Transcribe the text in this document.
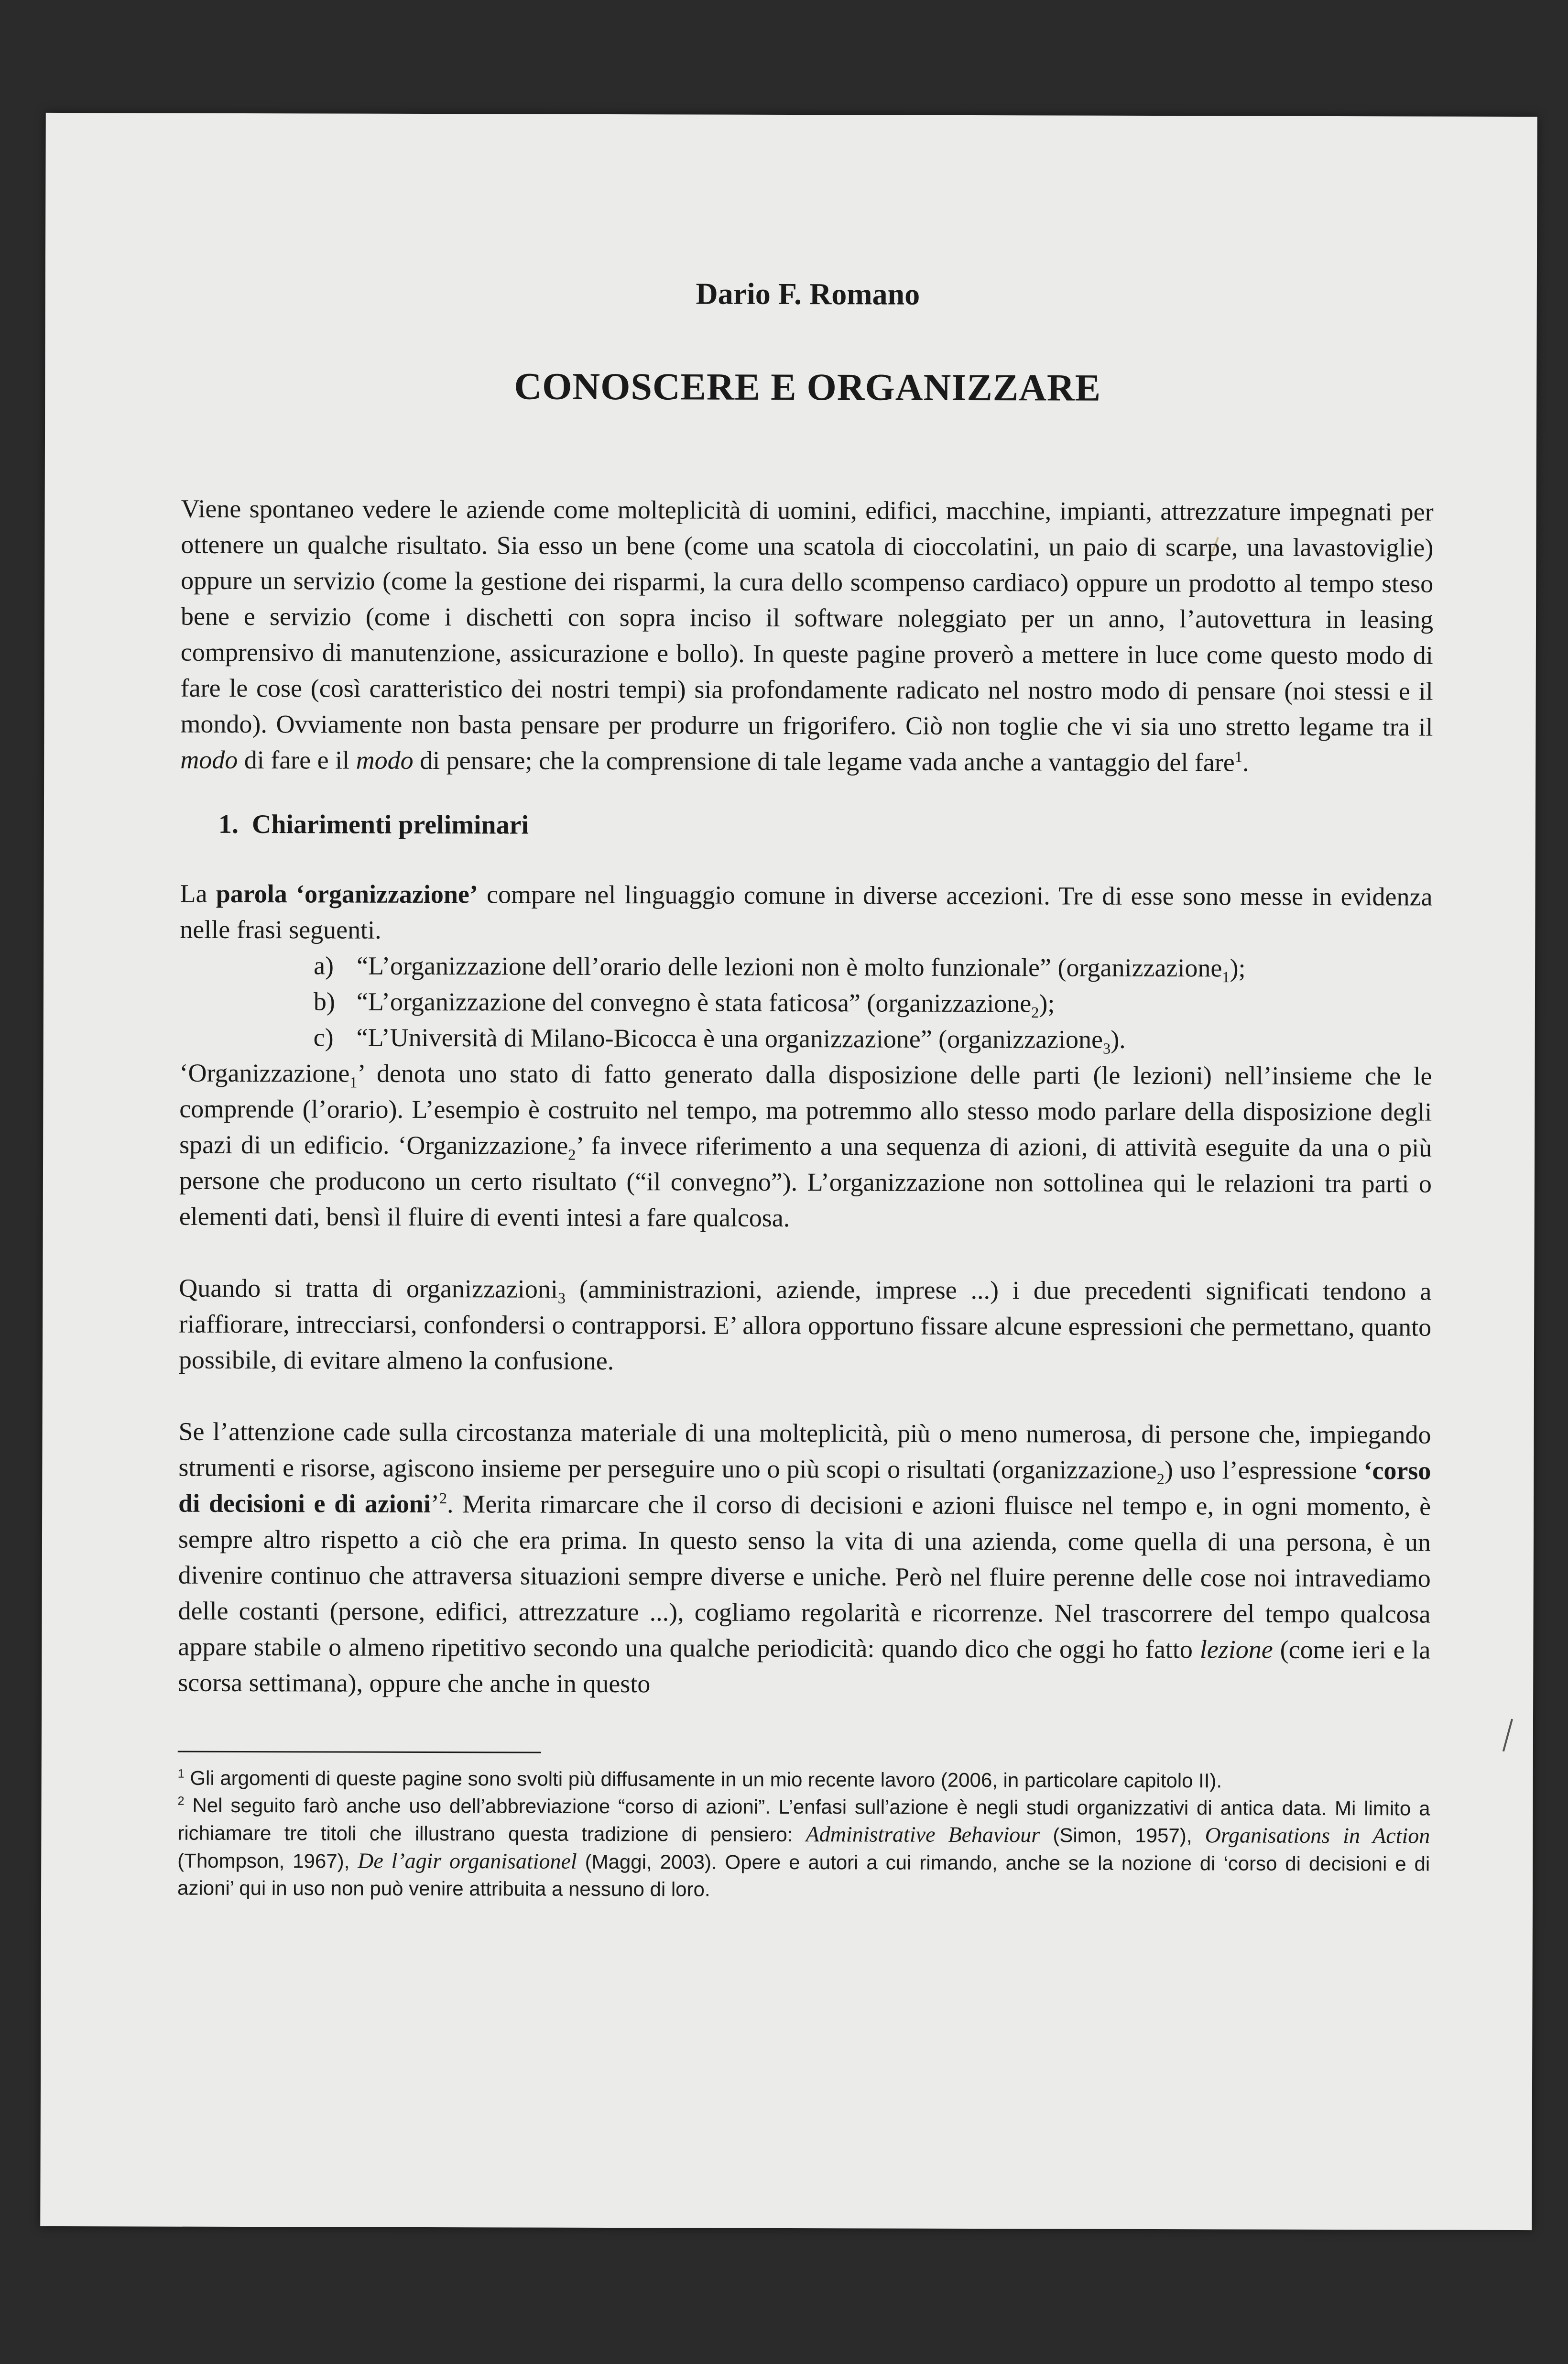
Dario F. Romano
CONOSCERE E ORGANIZZARE

Viene spontaneo vedere le aziende come molteplicità di uomini, edifici, macchine, impianti, attrezzature impegnati per ottenere un qualche risultato. Sia esso un bene (come una scatola di cioccolatini, un paio di scarpe, una lavastoviglie) oppure un servizio (come la gestione dei risparmi, la cura dello scompenso cardiaco) oppure un prodotto al tempo steso bene e servizio (come i dischetti con sopra inciso il software noleggiato per un anno, l’autovettura in leasing comprensivo di manutenzione, assicurazione e bollo). In queste pagine proverò a mettere in luce come questo modo di fare le cose (così caratteristico dei nostri tempi) sia profondamente radicato nel nostro modo di pensare (noi stessi e il mondo). Ovviamente non basta pensare per produrre un frigorifero. Ciò non toglie che vi sia uno stretto legame tra il modo di fare e il modo di pensare; che la comprensione di tale legame vada anche a vantaggio del fare$^1$.

1. Chiarimenti preliminari

La parola ‘organizzazione’ compare nel linguaggio comune in diverse accezioni. Tre di esse sono messe in evidenza nelle frasi seguenti.

a) “L’organizzazione dell’orario delle lezioni non è molto funzionale” (organizzazione$_1$);
b) “L’organizzazione del convegno è stata faticosa” (organizzazione$_2$);
c) “L’Università di Milano-Bicocca è una organizzazione” (organizzazione$_3$).

‘Organizzazione$_1$’ denota uno stato di fatto generato dalla disposizione delle parti (le lezioni) nell’insieme che le comprende (l’orario). L’esempio è costruito nel tempo, ma potremmo allo stesso modo parlare della disposizione degli spazi di un edificio. ‘Organizzazione$_2$’ fa invece riferimento a una sequenza di azioni, di attività eseguite da una o più persone che producono un certo risultato (“il convegno”). L’organizzazione non sottolinea qui le relazioni tra parti o elementi dati, bensì il fluire di eventi intesi a fare qualcosa.

Quando si tratta di organizzazioni$_3$ (amministrazioni, aziende, imprese ...) i due precedenti significati tendono a riaffiorare, intrecciarsi, confondersi o contrapporsi. E’ allora opportuno fissare alcune espressioni che permettano, quanto possibile, di evitare almeno la confusione.

Se l’attenzione cade sulla circostanza materiale di una molteplicità, più o meno numerosa, di persone che, impiegando strumenti e risorse, agiscono insieme per perseguire uno o più scopi o risultati (organizzazione$_2$) uso l’espressione ‘corso di decisioni e di azioni’$^2$. Merita rimarcare che il corso di decisioni e azioni fluisce nel tempo e, in ogni momento, è sempre altro rispetto a ciò che era prima. In questo senso la vita di una azienda, come quella di una persona, è un divenire continuo che attraversa situazioni sempre diverse e uniche. Però nel fluire perenne delle cose noi intravediamo delle costanti (persone, edifici, attrezzature ...), cogliamo regolarità e ricorrenze. Nel trascorrere del tempo qualcosa appare stabile o almeno ripetitivo secondo una qualche periodicità: quando dico che oggi ho fatto lezione (come ieri e la scorsa settimana), oppure che anche in questo

$^1$ Gli argomenti di queste pagine sono svolti più diffusamente in un mio recente lavoro (2006, in particolare capitolo II).

$^2$ Nel seguito farò anche uso dell’abbreviazione “corso di azioni”. L’enfasi sull’azione è negli studi organizzativi di antica data. Mi limito a richiamare tre titoli che illustrano questa tradizione di pensiero: Administrative Behaviour (Simon, 1957), Organisations in Action (Thompson, 1967), De l’agir organisationel (Maggi, 2003). Opere e autori a cui rimando, anche se la nozione di ‘corso di decisioni e di azioni’ qui in uso non può venire attribuita a nessuno di loro.
